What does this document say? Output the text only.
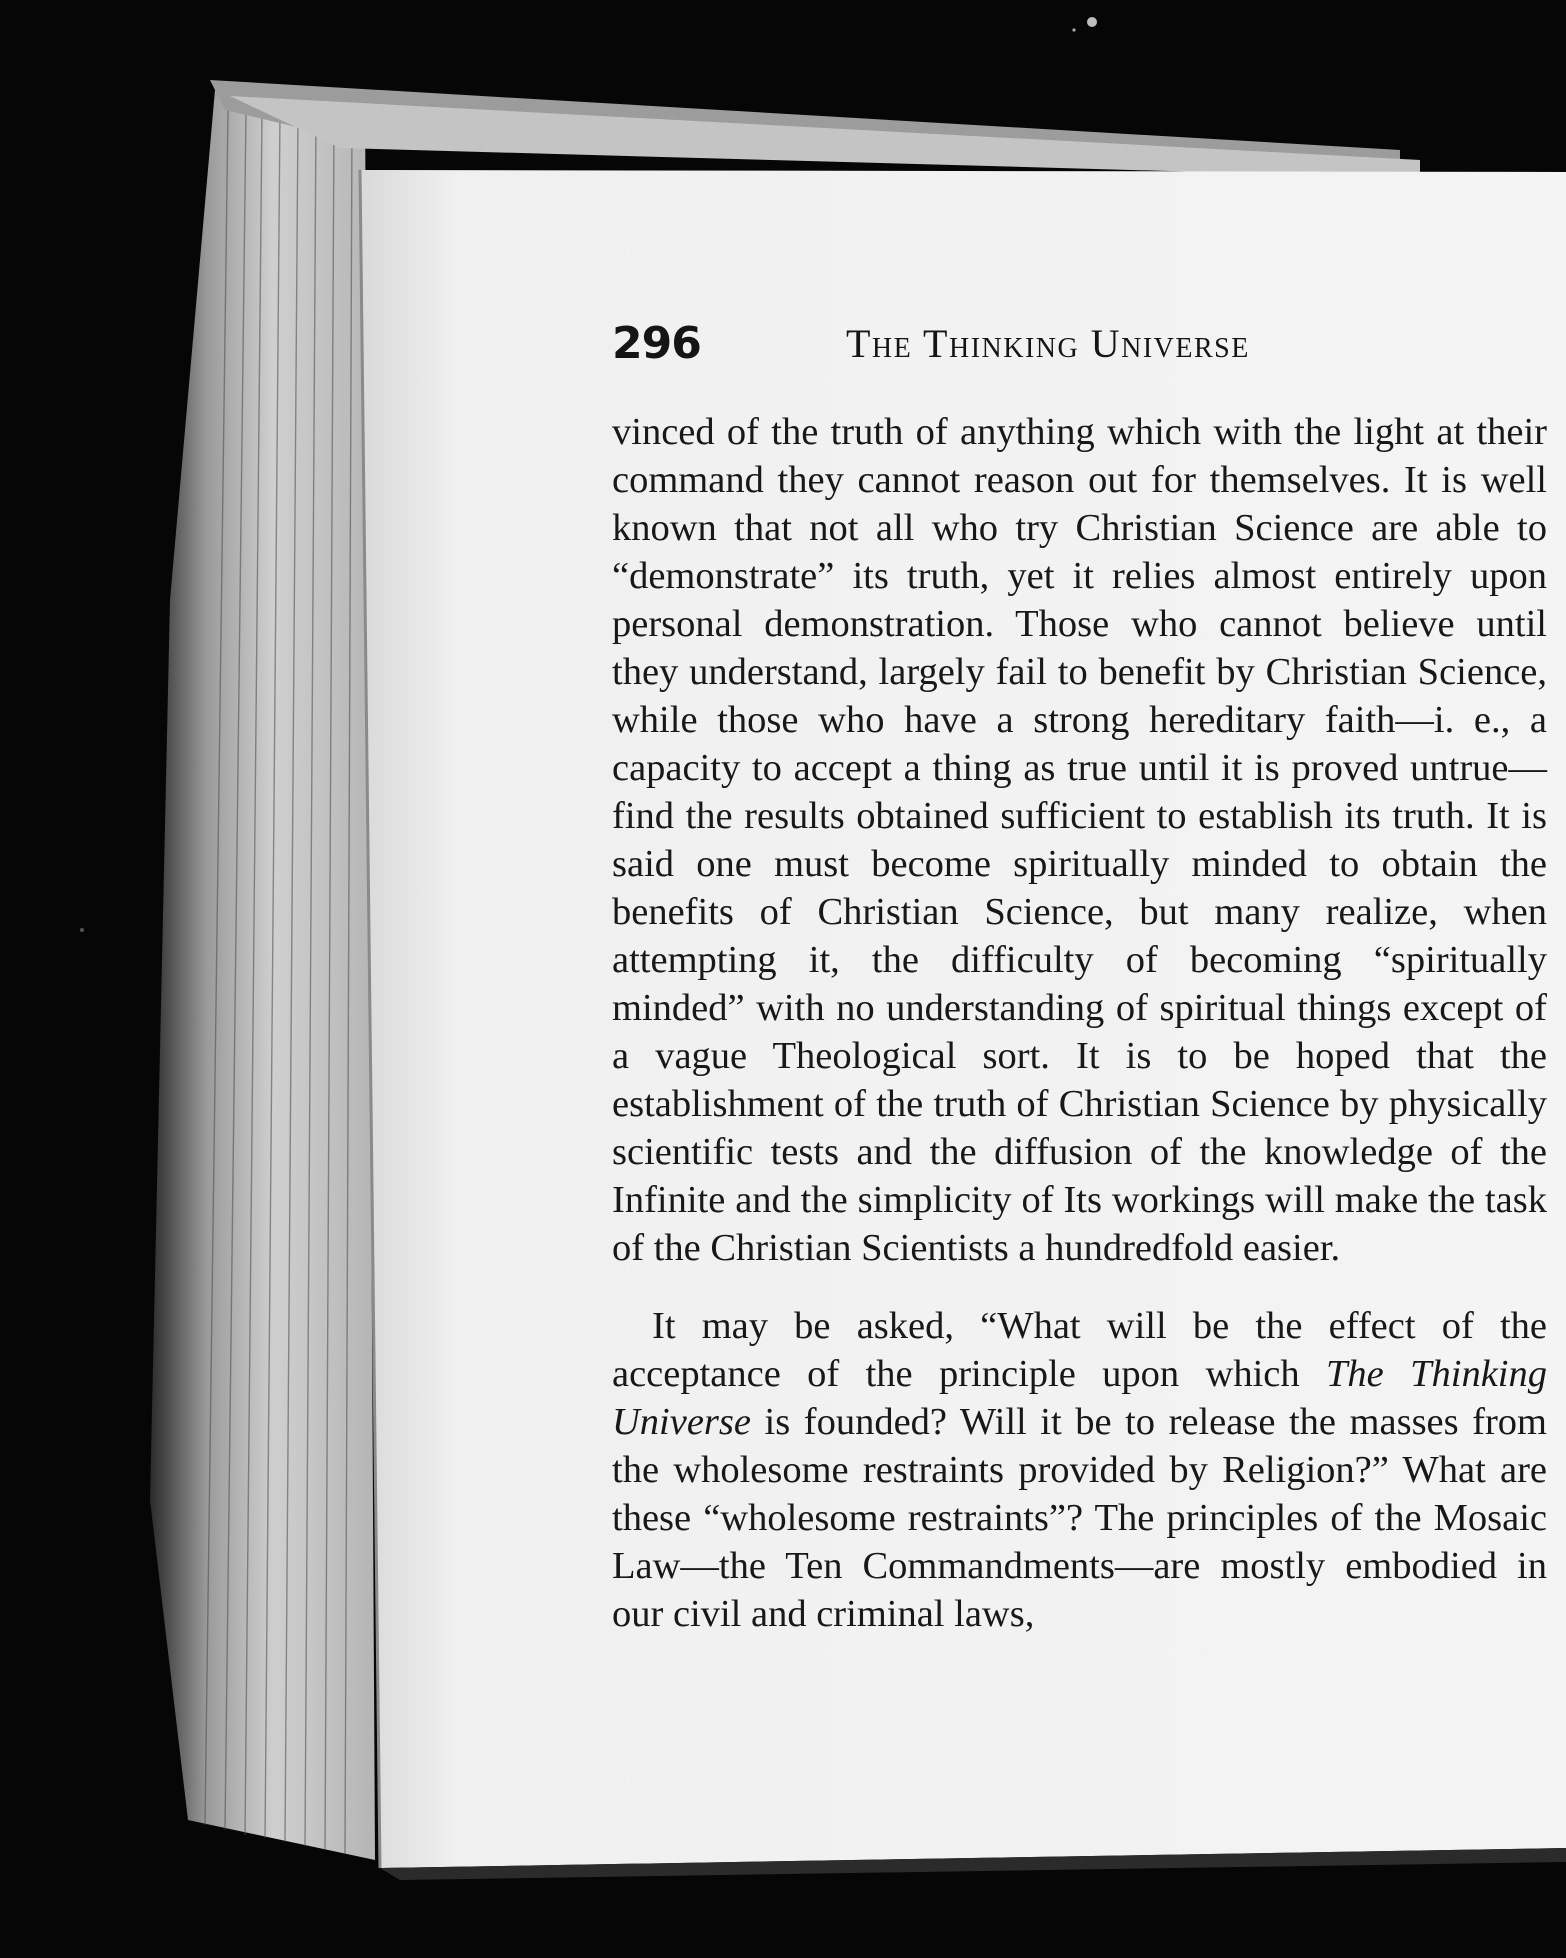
296	The Thinking Universe

vinced of the truth of anything which with the light at their command they cannot reason out for themselves. It is well known that not all who try Christian Science are able to “demonstrate” its truth, yet it relies almost entirely upon personal demonstration. Those who cannot believe until they understand, largely fail to benefit by Christian Science, while those who have a strong hereditary faith—i. e., a capacity to accept a thing as true until it is proved untrue—find the results obtained sufficient to establish its truth. It is said one must become spiritually minded to obtain the benefits of Christian Science, but many realize, when attempting it, the difficulty of becoming “spiritually minded” with no understanding of spiritual things except of a vague Theological sort. It is to be hoped that the establishment of the truth of Christian Science by physically scientific tests and the diffusion of the knowledge of the Infinite and the simplicity of Its workings will make the task of the Christian Scientists a hundredfold easier.

It may be asked, “What will be the effect of the acceptance of the principle upon which The Thinking Universe is founded? Will it be to release the masses from the wholesome restraints provided by Religion?” What are these “wholesome restraints”? The principles of the Mosaic Law—the Ten Commandments—are mostly embodied in our civil and criminal laws,
